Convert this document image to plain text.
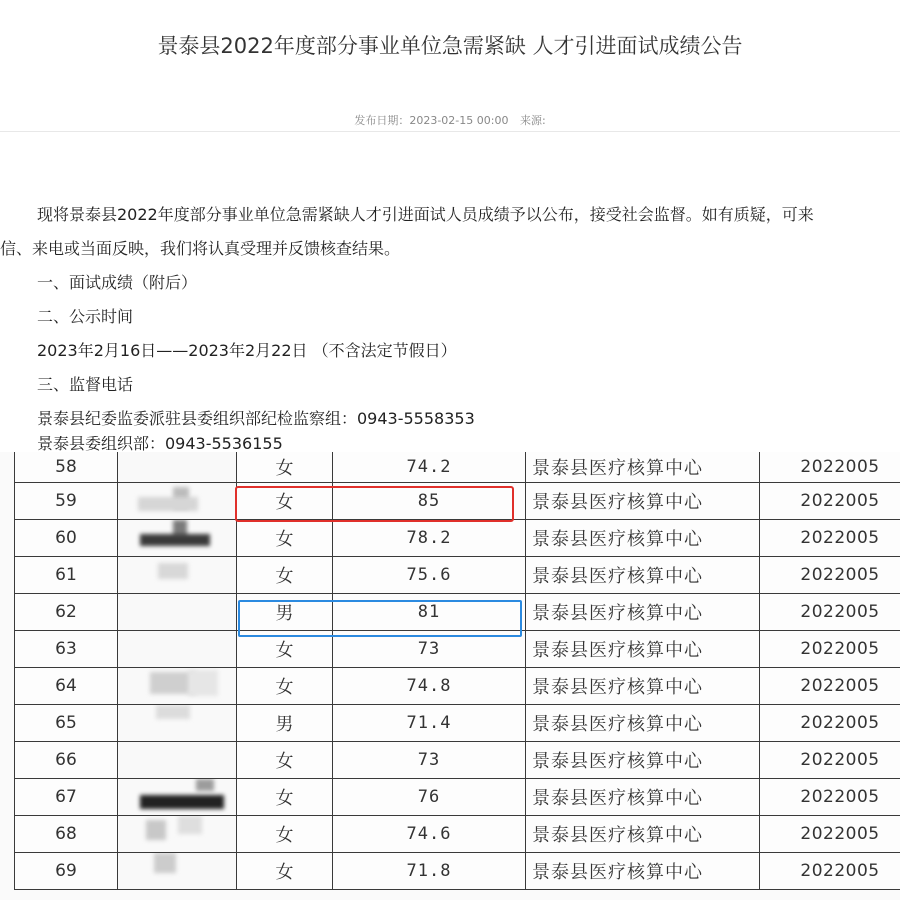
景泰县2022年度部分事业单位急需紧缺 人才引进面试成绩公告
发布日期：2023-02-15 00:00 来源:

现将景泰县2022年度部分事业单位急需紧缺人才引进面试人员成绩予以公布，接受社会监督。如有质疑，可来

信、来电或当面反映，我们将认真受理并反馈核查结果。

一、面试成绩（附后）

二、公示时间

2023年2月16日——2023年2月22日 （不含法定节假日）

三、监督电话

景泰县纪委监委派驻县委组织部纪检监察组：0943-5558353

景泰县委组织部：0943-5536155
58		女	74.2	景泰县医疗核算中心	2022005
59		女	85	景泰县医疗核算中心	2022005
60		女	78.2	景泰县医疗核算中心	2022005
61		女	75.6	景泰县医疗核算中心	2022005
62		男	81	景泰县医疗核算中心	2022005
63		女	73	景泰县医疗核算中心	2022005
64		女	74.8	景泰县医疗核算中心	2022005
65		男	71.4	景泰县医疗核算中心	2022005
66		女	73	景泰县医疗核算中心	2022005
67		女	76	景泰县医疗核算中心	2022005
68		女	74.6	景泰县医疗核算中心	2022005
69		女	71.8	景泰县医疗核算中心	2022005
